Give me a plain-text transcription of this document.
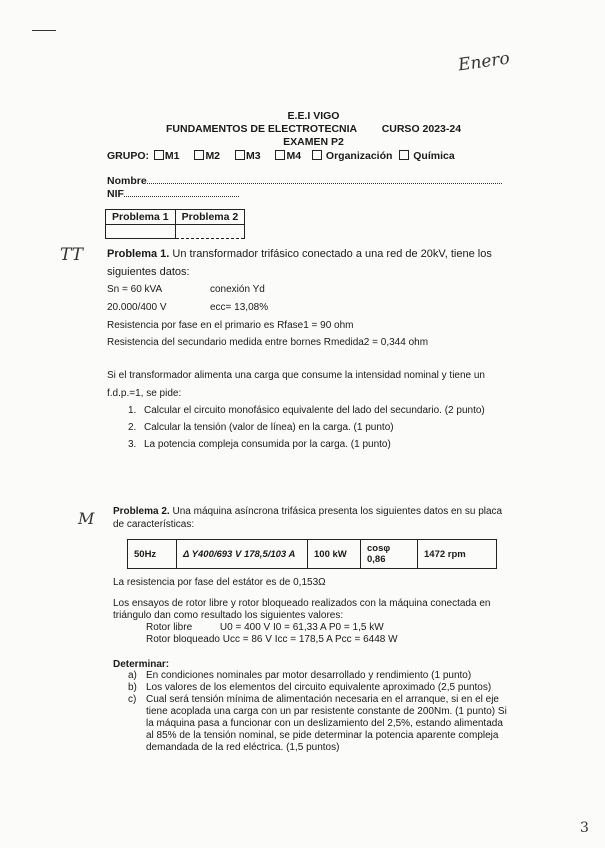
Enero
E.E.I VIGO
FUNDAMENTOS DE ELECTROTECNIA CURSO 2023-24
EXAMEN P2
GRUPO: M1 M2 M3 M4 Organización Química
Nombre
NIF
Problema 1	Problema 2

TT Problema 1. Un transformador trifásico conectado a una red de 20kV, tiene los
siguientes datos:
Sn = 60 kVA	conexión Yd
20.000/400 V	ecc= 13,08%
Resistencia por fase en el primario es Rfase1 = 90 ohm
Resistencia del secundario medida entre bornes Rmedida2 = 0,344 ohm
Si el transformador alimenta una carga que consume la intensidad nominal y tiene un
f.d.p.=1, se pide:
1. Calcular el circuito monofásico equivalente del lado del secundario. (2 punto)
2. Calcular la tensión (valor de línea) en la carga. (1 punto)
3. La potencia compleja consumida por la carga. (1 punto)
M Problema 2. Una máquina asíncrona trifásica presenta los siguientes datos en su placa
de características:
50Hz	Δ Y400/693 V 178,5/103 A	100 kW	cosφ 0,86	1472 rpm
La resistencia por fase del estátor es de 0,153Ω
Los ensayos de rotor libre y rotor bloqueado realizados con la máquina conectada en
triángulo dan como resultado los siguientes valores:
Rotor libre          U0 = 400 V I0 = 61,33 A P0 = 1,5 kW
Rotor bloqueado Ucc = 86 V Icc = 178,5 A Pcc = 6448 W
Determinar:
a) En condiciones nominales par motor desarrollado y rendimiento (1 punto)
b) Los valores de los elementos del circuito equivalente aproximado (2,5 puntos)
c) Cual será tensión mínima de alimentación necesaria en el arranque, si en el eje tiene acoplada una carga con un par resistente constante de 200Nm. (1 punto) Si la máquina pasa a funcionar con un deslizamiento del 2,5%, estando alimentada al 85% de la tensión nominal, se pide determinar la potencia aparente compleja demandada de la red eléctrica. (1,5 puntos)
3
